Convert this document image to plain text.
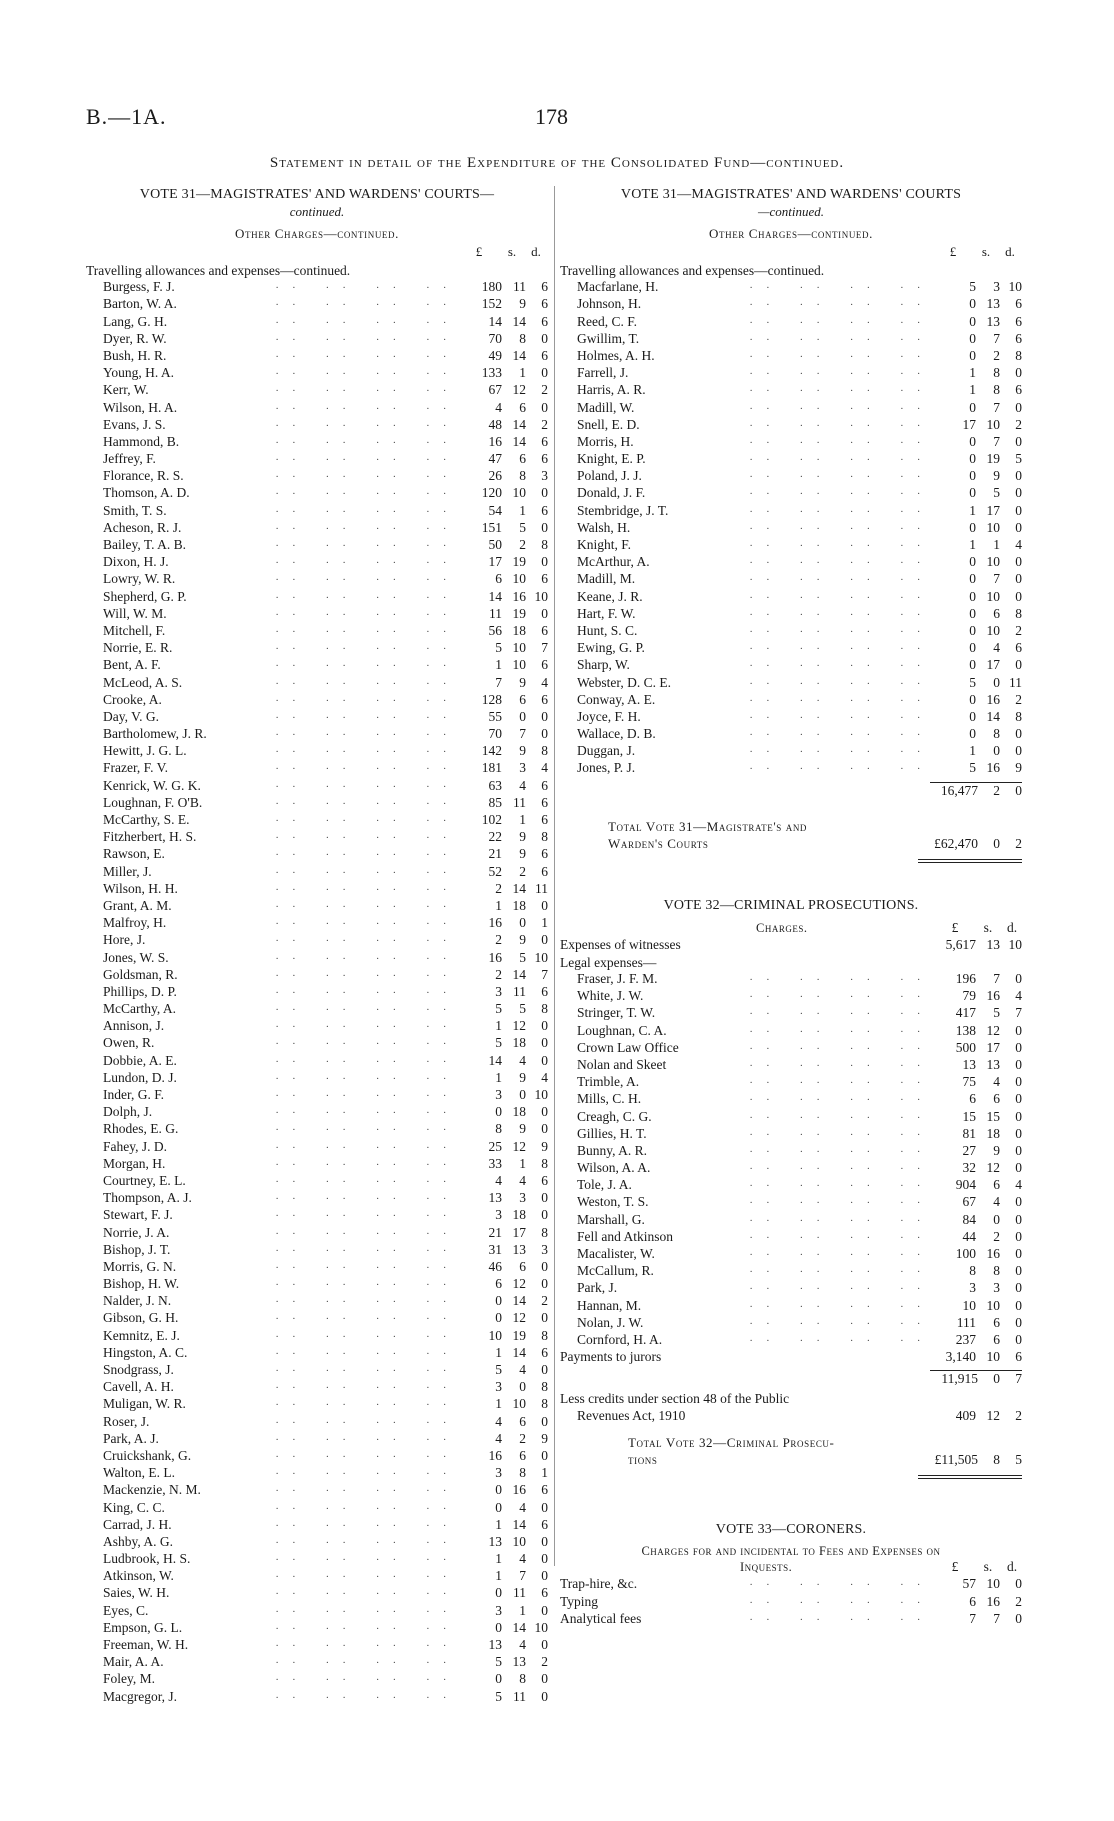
B.—1A.	178
Statement in detail of the Expenditure of the Consolidated Fund—continued.
VOTE 31—MAGISTRATES' AND WARDENS' COURTS—
continued.
Other Charges—continued.
£	s.	d.
Travelling allowances and expenses—continued.
Burgess, F. J.	.. .. .. ..	180 11	6
Barton, W. A.	.. .. .. ..	152	9	6
Lang, G. H.	.. .. .. ..	14 14	6
Dyer, R. W.	.. .. .. ..	70	8	0
Bush, H. R.	.. .. .. ..	49 14	6
Young, H. A.	.. .. .. ..	133	1	0
Kerr, W.	.. .. .. ..	67 12	2
Wilson, H. A.	.. .. .. ..	4	6	0
Evans, J. S.	.. .. .. ..	48 14	2
Hammond, B.	.. .. .. ..	16 14	6
Jeffrey, F.	.. .. .. ..	47	6	6
Florance, R. S.	.. .. .. ..	26	8	3
Thomson, A. D.	.. .. .. ..	120 10	0
Smith, T. S.	.. .. .. ..	54	1	6
Acheson, R. J.	.. .. .. ..	151	5	0
Bailey, T. A. B.	.. .. .. ..	50	2	8
Dixon, H. J.	.. .. .. ..	17 19	0
Lowry, W. R.	.. .. .. ..	6 10	6
Shepherd, G. P.	.. .. .. ..	14 16 10
Will, W. M.	.. .. .. ..	11 19	0
Mitchell, F.	.. .. .. ..	56 18	6
Norrie, E. R.	.. .. .. ..	5 10	7
Bent, A. F.	.. .. .. ..	1 10	6
McLeod, A. S.	.. .. .. ..	7	9	4
Crooke, A.	.. .. .. ..	128	6	6
Day, V. G.	.. .. .. ..	55	0	0
Bartholomew, J. R.	.. .. .. ..	70	7	0
Hewitt, J. G. L.	.. .. .. ..	142	9	8
Frazer, F. V.	.. .. .. ..	181	3	4
Kenrick, W. G. K.	.. .. .. ..	63	4	6
Loughnan, F. O'B.	.. .. .. ..	85 11	6
McCarthy, S. E.	.. .. .. ..	102	1	6
Fitzherbert, H. S.	.. .. .. ..	22	9	8
Rawson, E.	.. .. .. ..	21	9	6
Miller, J.	.. .. .. ..	52	2	6
Wilson, H. H.	.. .. .. ..	2 14 11
Grant, A. M.	.. .. .. ..	1 18	0
Malfroy, H.	.. .. .. ..	16	0	1
Hore, J.	.. .. .. ..	2	9	0
Jones, W. S.	.. .. .. ..	16	5 10
Goldsman, R.	.. .. .. ..	2 14	7
Phillips, D. P.	.. .. .. ..	3 11	6
McCarthy, A.	.. .. .. ..	5	5	8
Annison, J.	.. .. .. ..	1 12	0
Owen, R.	.. .. .. ..	5 18	0
Dobbie, A. E.	.. .. .. ..	14	4	0
Lundon, D. J.	.. .. .. ..	1	9	4
Inder, G. F.	.. .. .. ..	3	0 10
Dolph, J.	.. .. .. ..	0 18	0
Rhodes, E. G.	.. .. .. ..	8	9	0
Fahey, J. D.	.. .. .. ..	25 12	9
Morgan, H.	.. .. .. ..	33	1	8
Courtney, E. L.	.. .. .. ..	4	4	6
Thompson, A. J.	.. .. .. ..	13	3	0
Stewart, F. J.	.. .. .. ..	3 18	0
Norrie, J. A.	.. .. .. ..	21 17	8
Bishop, J. T.	.. .. .. ..	31 13	3
Morris, G. N.	.. .. .. ..	46	6	0
Bishop, H. W.	.. .. .. ..	6 12	0
Nalder, J. N.	.. .. .. ..	0 14	2
Gibson, G. H.	.. .. .. ..	0 12	0
Kemnitz, E. J.	.. .. .. ..	10 19	8
Hingston, A. C.	.. .. .. ..	1 14	6
Snodgrass, J.	.. .. .. ..	5	4	0
Cavell, A. H.	.. .. .. ..	3	0	8
Muligan, W. R.	.. .. .. ..	1 10	8
Roser, J.	.. .. .. ..	4	6	0
Park, A. J.	.. .. .. ..	4	2	9
Cruickshank, G.	.. .. .. ..	16	6	0
Walton, E. L.	.. .. .. ..	3	8	1
Mackenzie, N. M.	.. .. .. ..	0 16	6
King, C. C.	.. .. .. ..	0	4	0
Carrad, J. H.	.. .. .. ..	1 14	6
Ashby, A. G.	.. .. .. ..	13 10	0
Ludbrook, H. S.	.. .. .. ..	1	4	0
Atkinson, W.	.. .. .. ..	1	7	0
Saies, W. H.	.. .. .. ..	0 11	6
Eyes, C.	.. .. .. ..	3	1	0
Empson, G. L.	.. .. .. ..	0 14 10
Freeman, W. H.	.. .. .. ..	13	4	0
Mair, A. A.	.. .. .. ..	5 13	2
Foley, M.	.. .. .. ..	0	8	0
Macgregor, J.	.. .. .. ..	5 11	0
VOTE 31—MAGISTRATES' AND WARDENS' COURTS
—continued.
Other Charges—continued.
£	s.	d.
Travelling allowances and expenses—continued.
Macfarlane, H.	.. .. .. ..	5	3 10
Johnson, H.	.. .. .. ..	0 13	6
Reed, C. F.	.. .. .. ..	0 13	6
Gwillim, T.	.. .. .. ..	0	7	6
Holmes, A. H.	.. .. .. ..	0	2	8
Farrell, J.	.. .. .. ..	1	8	0
Harris, A. R.	.. .. .. ..	1	8	6
Madill, W.	.. .. .. ..	0	7	0
Snell, E. D.	.. .. .. ..	17 10	2
Morris, H.	.. .. .. ..	0	7	0
Knight, E. P.	.. .. .. ..	0 19	5
Poland, J. J.	.. .. .. ..	0	9	0
Donald, J. F.	.. .. .. ..	0	5	0
Stembridge, J. T.	.. .. .. ..	1 17	0
Walsh, H.	.. .. .. ..	0 10	0
Knight, F.	.. .. .. ..	1	1	4
McArthur, A.	.. .. .. ..	0 10	0
Madill, M.	.. .. .. ..	0	7	0
Keane, J. R.	.. .. .. ..	0 10	0
Hart, F. W.	.. .. .. ..	0	6	8
Hunt, S. C.	.. .. .. ..	0 10	2
Ewing, G. P.	.. .. .. ..	0	4	6
Sharp, W.	.. .. .. ..	0 17	0
Webster, D. C. E.	.. .. .. ..	5	0 11
Conway, A. E.	.. .. .. ..	0 16	2
Joyce, F. H.	.. .. .. ..	0 14	8
Wallace, D. B.	.. .. .. ..	0	8	0
Duggan, J.	.. .. .. ..	1	0	0
Jones, P. J.	.. .. .. ..	5 16	9
16,477	2	0
Total Vote 31—Magistrate's and
Warden's Courts	£62,470	0	2
VOTE 32—CRIMINAL PROSECUTIONS.
Charges.	£	s.	d.
Expenses of witnesses	5,617 13 10
Legal expenses—
Fraser, J. F. M.	.. .. .. ..	196	7	0
White, J. W.	.. .. .. ..	79 16	4
Stringer, T. W.	.. .. .. ..	417	5	7
Loughnan, C. A.	.. .. .. ..	138 12	0
Crown Law Office	.. .. .. ..	500 17	0
Nolan and Skeet	.. .. .. ..	13 13	0
Trimble, A.	.. .. .. ..	75	4	0
Mills, C. H.	.. .. .. ..	6	6	0
Creagh, C. G.	.. .. .. ..	15 15	0
Gillies, H. T.	.. .. .. ..	81 18	0
Bunny, A. R.	.. .. .. ..	27	9	0
Wilson, A. A.	.. .. .. ..	32 12	0
Tole, J. A.	.. .. .. ..	904	6	4
Weston, T. S.	.. .. .. ..	67	4	0
Marshall, G.	.. .. .. ..	84	0	0
Fell and Atkinson	.. .. .. ..	44	2	0
Macalister, W.	.. .. .. ..	100 16	0
McCallum, R.	.. .. .. ..	8	8	0
Park, J.	.. .. .. ..	3	3	0
Hannan, M.	.. .. .. ..	10 10	0
Nolan, J. W.	.. .. .. ..	111	6	0
Cornford, H. A.	.. .. .. ..	237	6	0
Payments to jurors	3,140 10	6
11,915	0	7
Less credits under section 48 of the Public
Revenues Act, 1910	409 12	2
Total Vote 32—Criminal Prosecu-
tions	£11,505	8	5
VOTE 33—CORONERS.
Charges for and incidental to Fees and Expenses on
Inquests.	£	s.	d.
Trap-hire, &c.	.. .. .. ..	57 10	0
Typing	.. .. .. ..	6 16	2
Analytical fees	.. .. .. ..	7	7	0
